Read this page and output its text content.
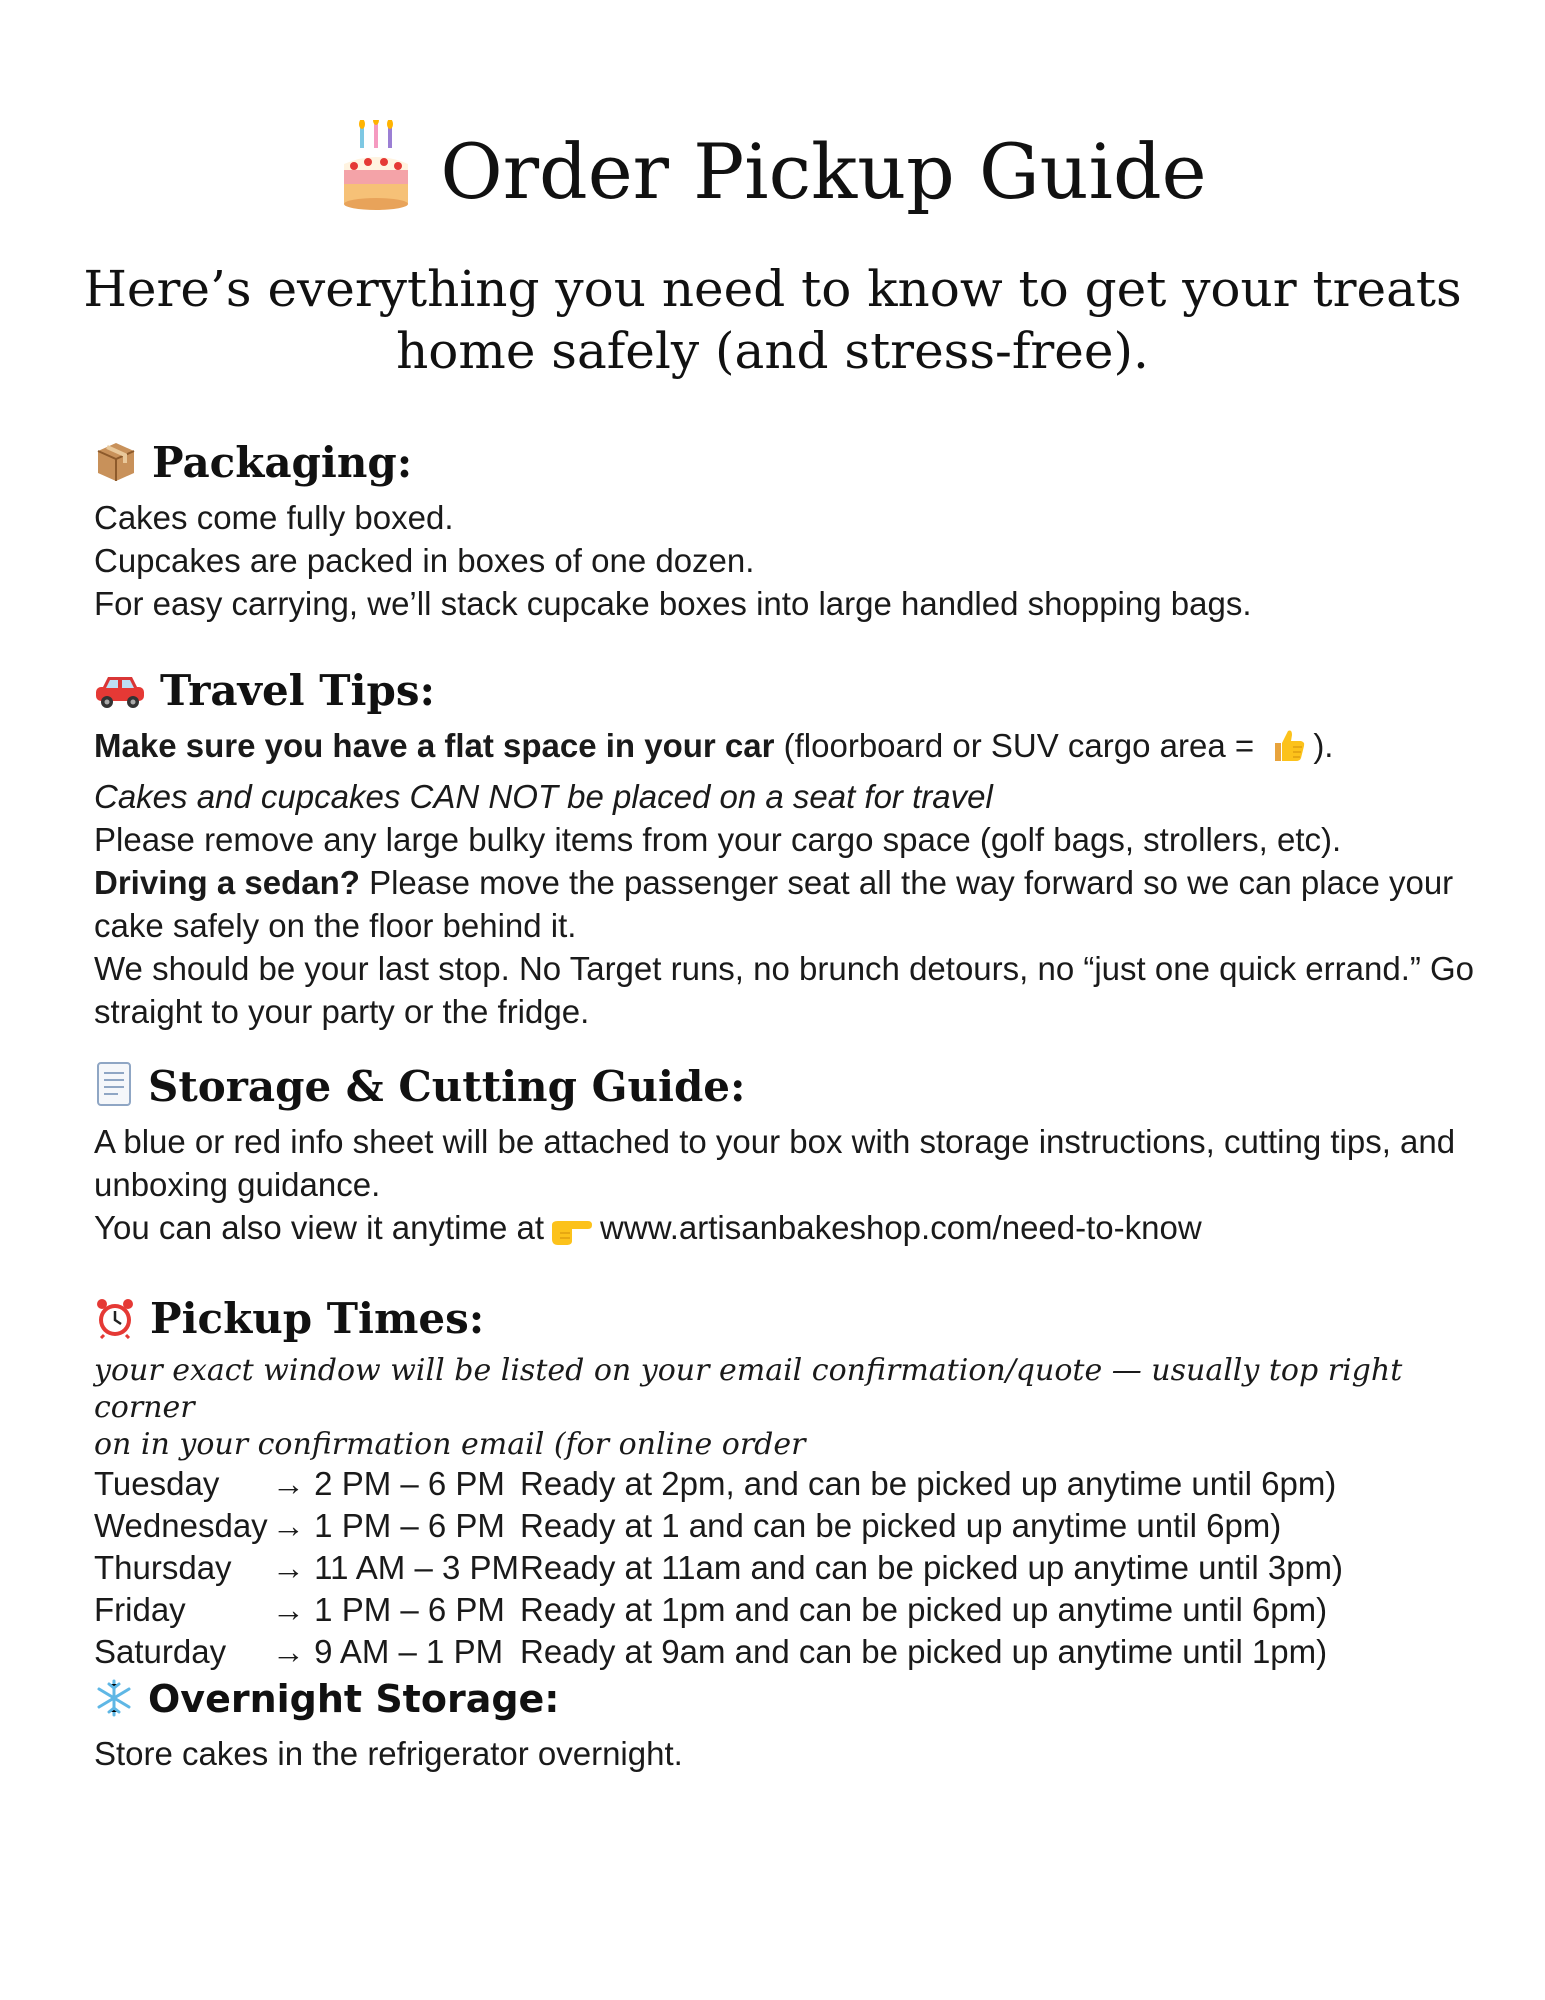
Order Pickup Guide
Here’s everything you need to know to get your treats
home safely (and stress-free).
Packaging:
Cakes come fully boxed.
Cupcakes are packed in boxes of one dozen.
For easy carrying, we’ll stack cupcake boxes into large handled shopping bags.
Travel Tips:
Make sure you have a flat space in your car (floorboard or SUV cargo area = ).
Cakes and cupcakes CAN NOT be placed on a seat for travel
Please remove any large bulky items from your cargo space (golf bags, strollers, etc).
Driving a sedan? Please move the passenger seat all the way forward so we can place your cake safely on the floor behind it.
We should be your last stop. No Target runs, no brunch detours, no “just one quick errand.” Go straight to your party or the fridge.
Storage & Cutting Guide:
A blue or red info sheet will be attached to your box with storage instructions, cutting tips, and unboxing guidance.
You can also view it anytime at www.artisanbakeshop.com/need-to-know
Pickup Times:
your exact window will be listed on your email confirmation/quote — usually top right corner
on in your confirmation email (for online order
Tuesday	→ 2 PM – 6 PM Ready at 2pm, and can be picked up anytime until 6pm)
Wednesday → 1 PM – 6 PM Ready at 1 and can be picked up anytime until 6pm)
Thursday	→ 11 AM – 3 PM Ready at 11am and can be picked up anytime until 3pm)
Friday	→ 1 PM – 6 PM Ready at 1pm and can be picked up anytime until 6pm)
Saturday	→ 9 AM – 1 PM Ready at 9am and can be picked up anytime until 1pm)
Overnight Storage:
Store cakes in the refrigerator overnight.
